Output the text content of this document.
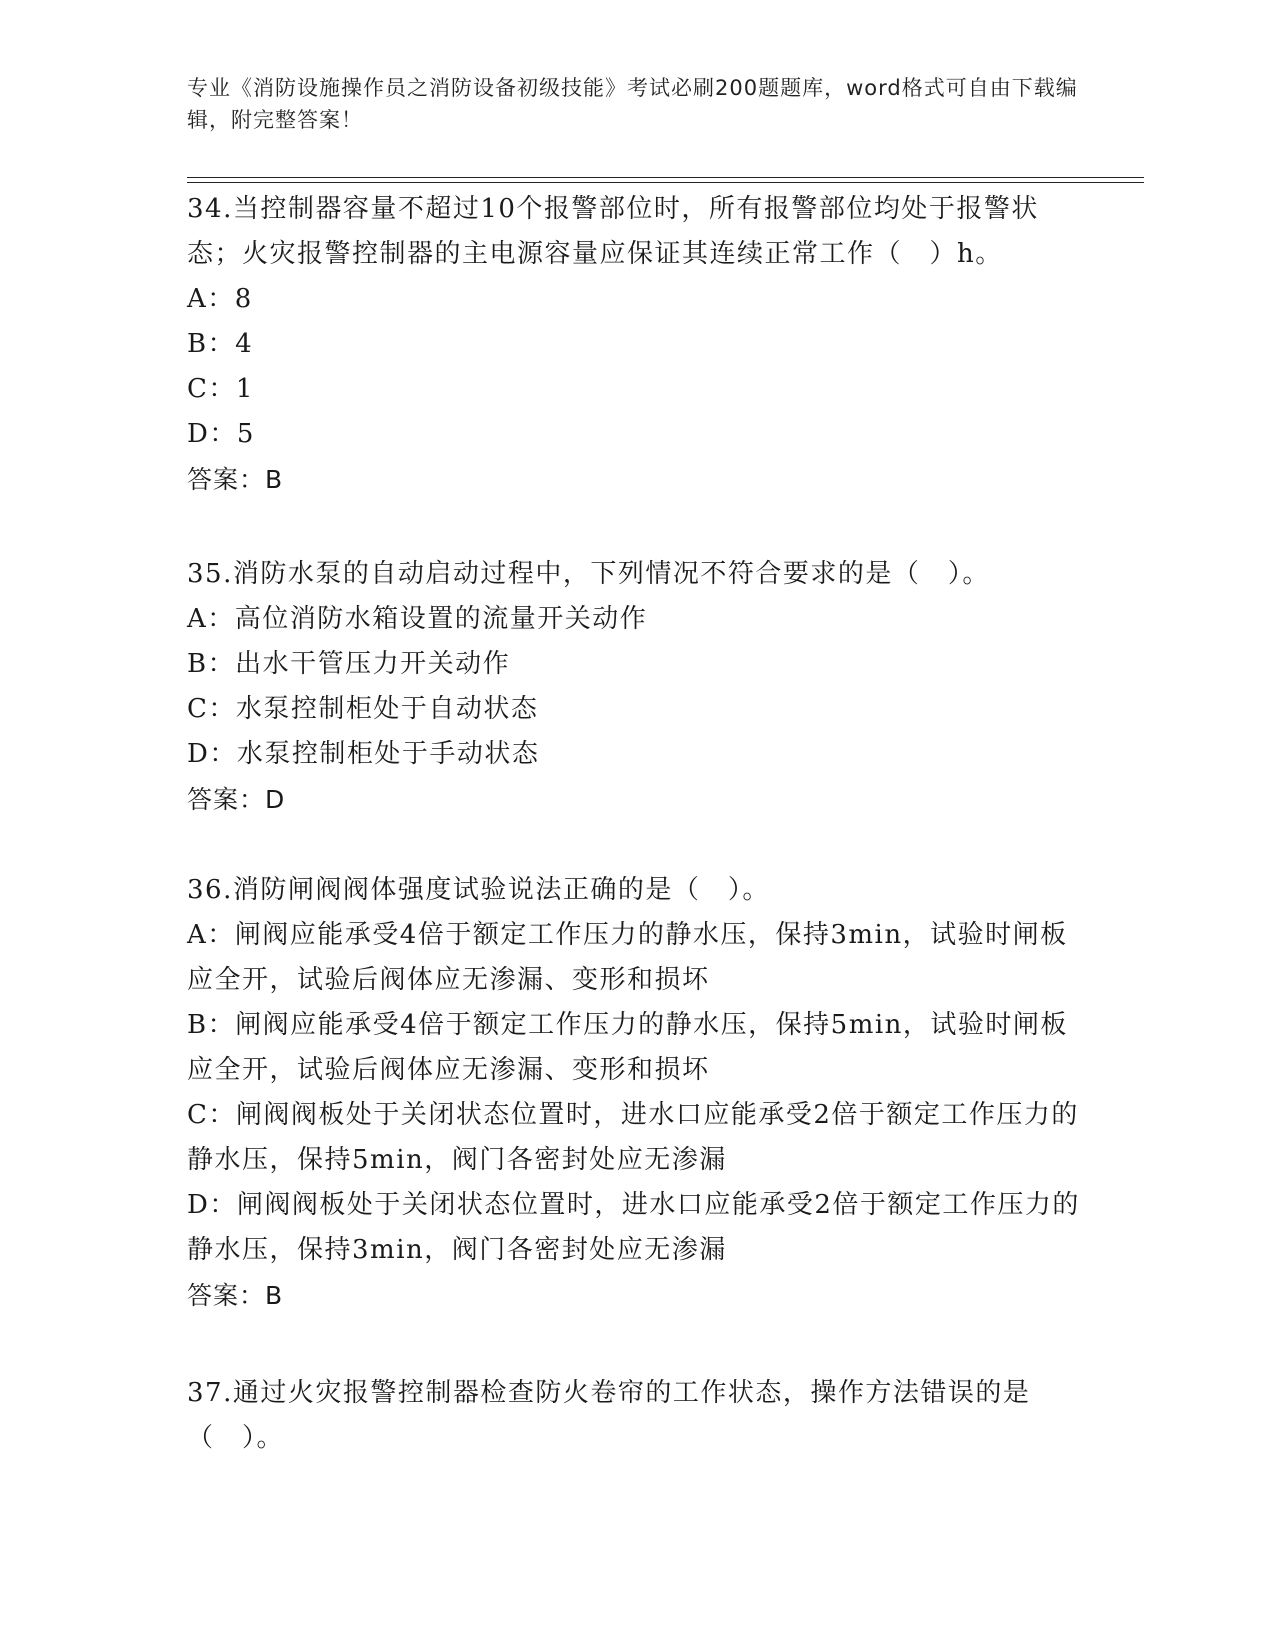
专业《消防设施操作员之消防设备初级技能》考试必刷200题题库，word格式可自由下载编辑，附完整答案！
34.当控制器容量不超过10个报警部位时，所有报警部位均处于报警状态；火灾报警控制器的主电源容量应保证其连续正常工作（　）h。
A：8
B：4
C：1
D：5
答案：B
35.消防水泵的自动启动过程中，下列情况不符合要求的是（　）。
A：高位消防水箱设置的流量开关动作
B：出水干管压力开关动作
C：水泵控制柜处于自动状态
D：水泵控制柜处于手动状态
答案：D
36.消防闸阀阀体强度试验说法正确的是（　）。
A：闸阀应能承受4倍于额定工作压力的静水压，保持3min，试验时闸板应全开，试验后阀体应无渗漏、变形和损坏
B：闸阀应能承受4倍于额定工作压力的静水压，保持5min，试验时闸板应全开，试验后阀体应无渗漏、变形和损坏
C：闸阀阀板处于关闭状态位置时，进水口应能承受2倍于额定工作压力的静水压，保持5min，阀门各密封处应无渗漏
D：闸阀阀板处于关闭状态位置时，进水口应能承受2倍于额定工作压力的静水压，保持3min，阀门各密封处应无渗漏
答案：B
37.通过火灾报警控制器检查防火卷帘的工作状态，操作方法错误的是（　）。
